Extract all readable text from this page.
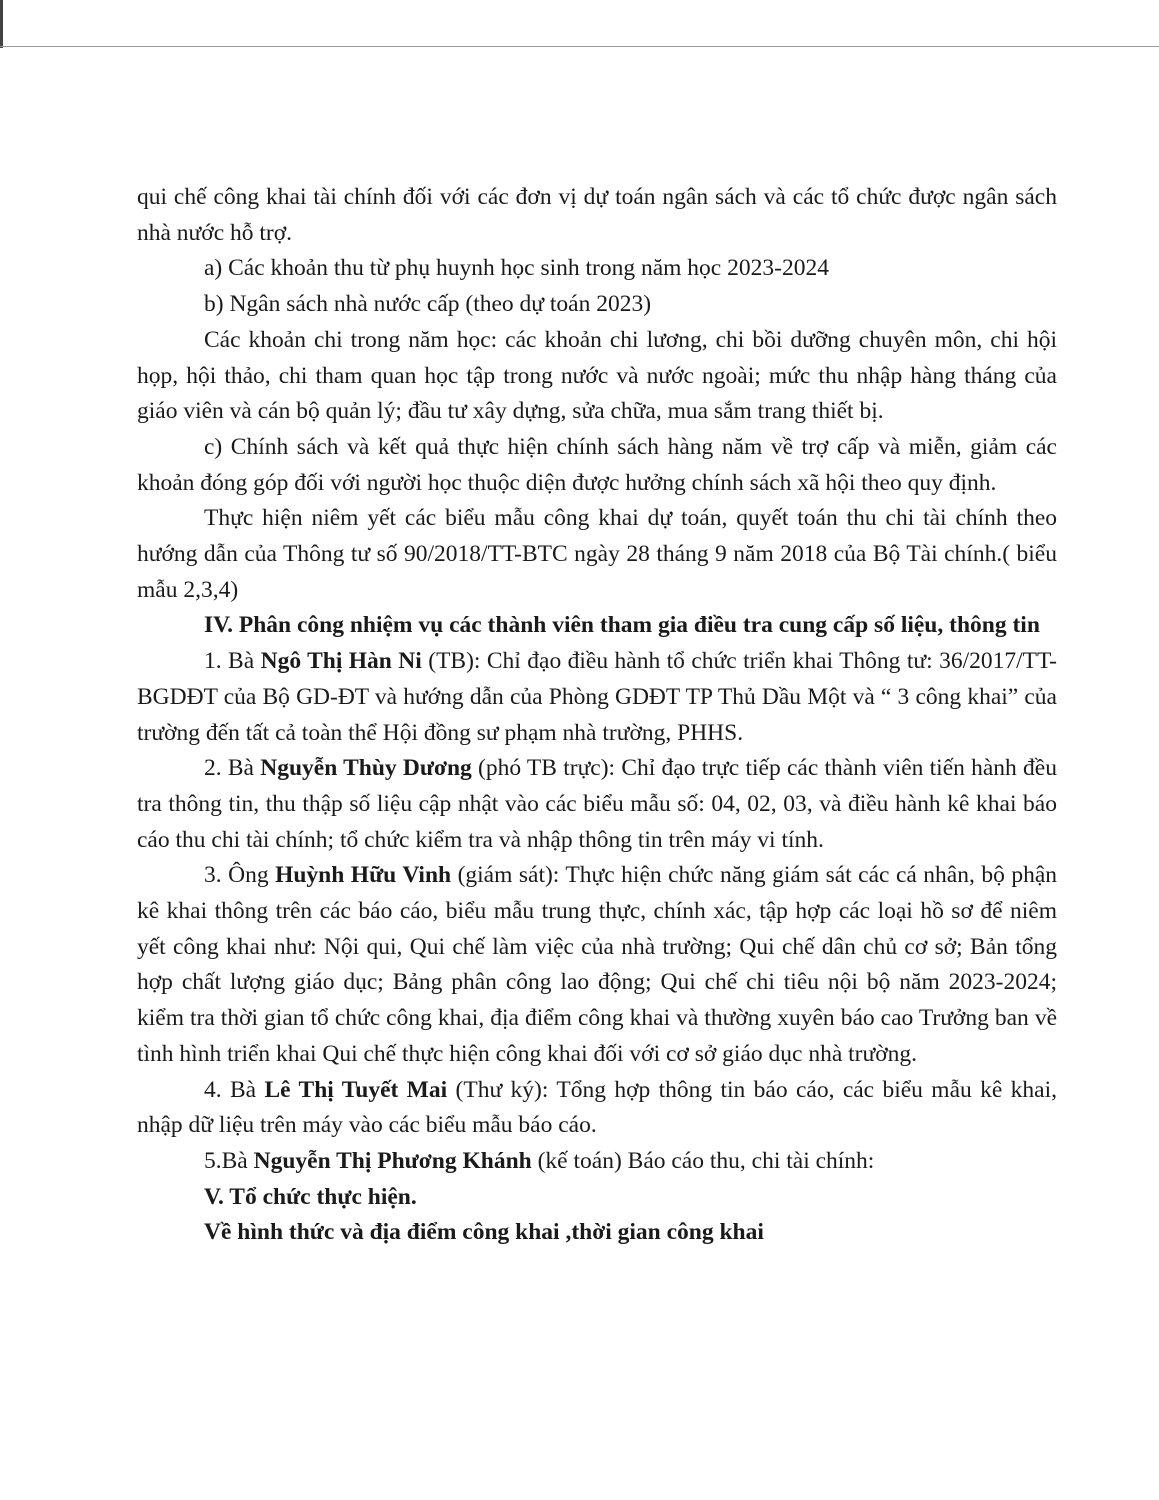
qui chế công khai tài chính đối với các đơn vị dự toán ngân sách và các tổ chức được ngân sách nhà nước hỗ trợ.

a) Các khoản thu từ phụ huynh học sinh trong năm học 2023-2024

b) Ngân sách nhà nước cấp (theo dự toán 2023)

Các khoản chi trong năm học: các khoản chi lương, chi bồi dưỡng chuyên môn, chi hội họp, hội thảo, chi tham quan học tập trong nước và nước ngoài; mức thu nhập hàng tháng của giáo viên và cán bộ quản lý; đầu tư xây dựng, sửa chữa, mua sắm trang thiết bị.

c) Chính sách và kết quả thực hiện chính sách hàng năm về trợ cấp và miễn, giảm các khoản đóng góp đối với người học thuộc diện được hưởng chính sách xã hội theo quy định.

Thực hiện niêm yết các biểu mẫu công khai dự toán, quyết toán thu chi tài chính theo hướng dẫn của Thông tư số 90/2018/TT-BTC ngày 28 tháng 9 năm 2018 của Bộ Tài chính.( biểu mẫu 2,3,4)

IV. Phân công nhiệm vụ các thành viên tham gia điều tra cung cấp số liệu, thông tin

1. Bà Ngô Thị Hàn Ni (TB): Chỉ đạo điều hành tổ chức triển khai Thông tư: 36/2017/TT-BGDĐT của Bộ GD-ĐT và hướng dẫn của Phòng GDĐT TP Thủ Dầu Một và “ 3 công khai” của trường đến tất cả toàn thể Hội đồng sư phạm nhà trường, PHHS.

2. Bà Nguyễn Thùy Dương (phó TB trực): Chỉ đạo trực tiếp các thành viên tiến hành đều tra thông tin, thu thập số liệu cập nhật vào các biểu mẫu số: 04, 02, 03, và điều hành kê khai báo cáo thu chi tài chính; tổ chức kiểm tra và nhập thông tin trên máy vi tính.

3. Ông Huỳnh Hữu Vinh (giám sát): Thực hiện chức năng giám sát các cá nhân, bộ phận kê khai thông trên các báo cáo, biểu mẫu trung thực, chính xác, tập hợp các loại hồ sơ để niêm yết công khai như: Nội qui, Qui chế làm việc của nhà trường; Qui chế dân chủ cơ sở; Bản tổng hợp chất lượng giáo dục; Bảng phân công lao động; Qui chế chi tiêu nội bộ năm 2023-2024; kiểm tra thời gian tổ chức công khai, địa điểm công khai và thường xuyên báo cao Trưởng ban về tình hình triển khai Qui chế thực hiện công khai đối với cơ sở giáo dục nhà trường.

4. Bà Lê Thị Tuyết Mai (Thư ký): Tổng hợp thông tin báo cáo, các biểu mẫu kê khai, nhập dữ liệu trên máy vào các biểu mẫu báo cáo.

5.Bà Nguyễn Thị Phương Khánh (kế toán) Báo cáo thu, chi tài chính:

V. Tổ chức thực hiện.

Về hình thức và địa điểm công khai ,thời gian công khai
